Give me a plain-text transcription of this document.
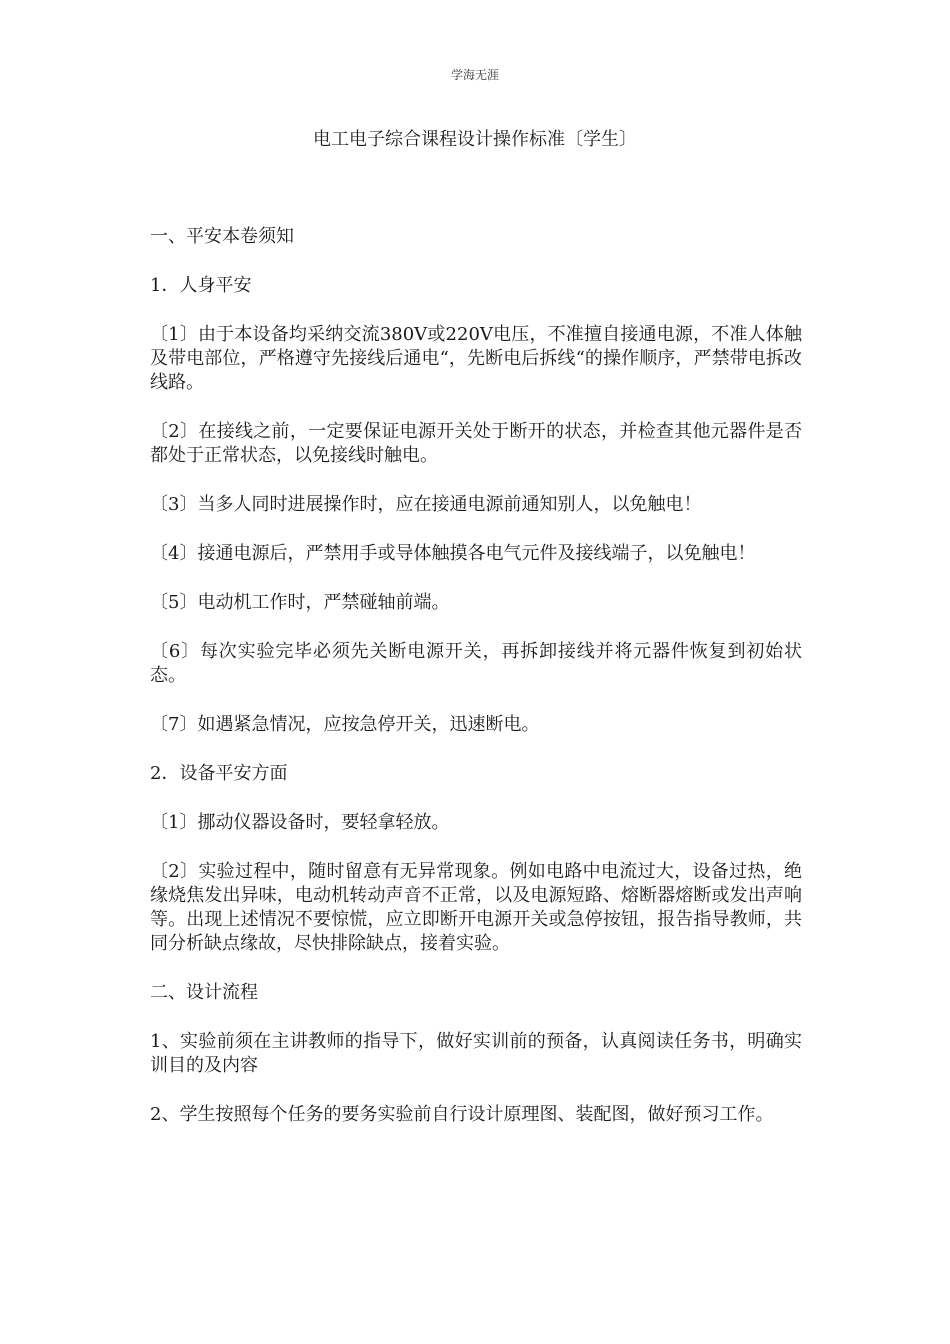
学海无涯
电工电子综合课程设计操作标准〔学生〕

一、平安本卷须知

1．人身平安

〔1〕由于本设备均采纳交流380V或220V电压，不准擅自接通电源，不准人体触及带电部位，严格遵守先接线后通电“，先断电后拆线“的操作顺序，严禁带电拆改线路。

〔2〕在接线之前，一定要保证电源开关处于断开的状态，并检查其他元器件是否都处于正常状态，以免接线时触电。

〔3〕当多人同时进展操作时，应在接通电源前通知别人，以免触电！

〔4〕接通电源后，严禁用手或导体触摸各电气元件及接线端子，以免触电！

〔5〕电动机工作时，严禁碰轴前端。

〔6〕每次实验完毕必须先关断电源开关，再拆卸接线并将元器件恢复到初始状态。

〔7〕如遇紧急情况，应按急停开关，迅速断电。

2．设备平安方面

〔1〕挪动仪器设备时，要轻拿轻放。

〔2〕实验过程中，随时留意有无异常现象。例如电路中电流过大，设备过热，绝缘烧焦发出异味，电动机转动声音不正常，以及电源短路、熔断器熔断或发出声响等。出现上述情况不要惊慌，应立即断开电源开关或急停按钮，报告指导教师，共同分析缺点缘故，尽快排除缺点，接着实验。

二、设计流程

1、实验前须在主讲教师的指导下，做好实训前的预备，认真阅读任务书，明确实训目的及内容

2、学生按照每个任务的要务实验前自行设计原理图、装配图，做好预习工作。
